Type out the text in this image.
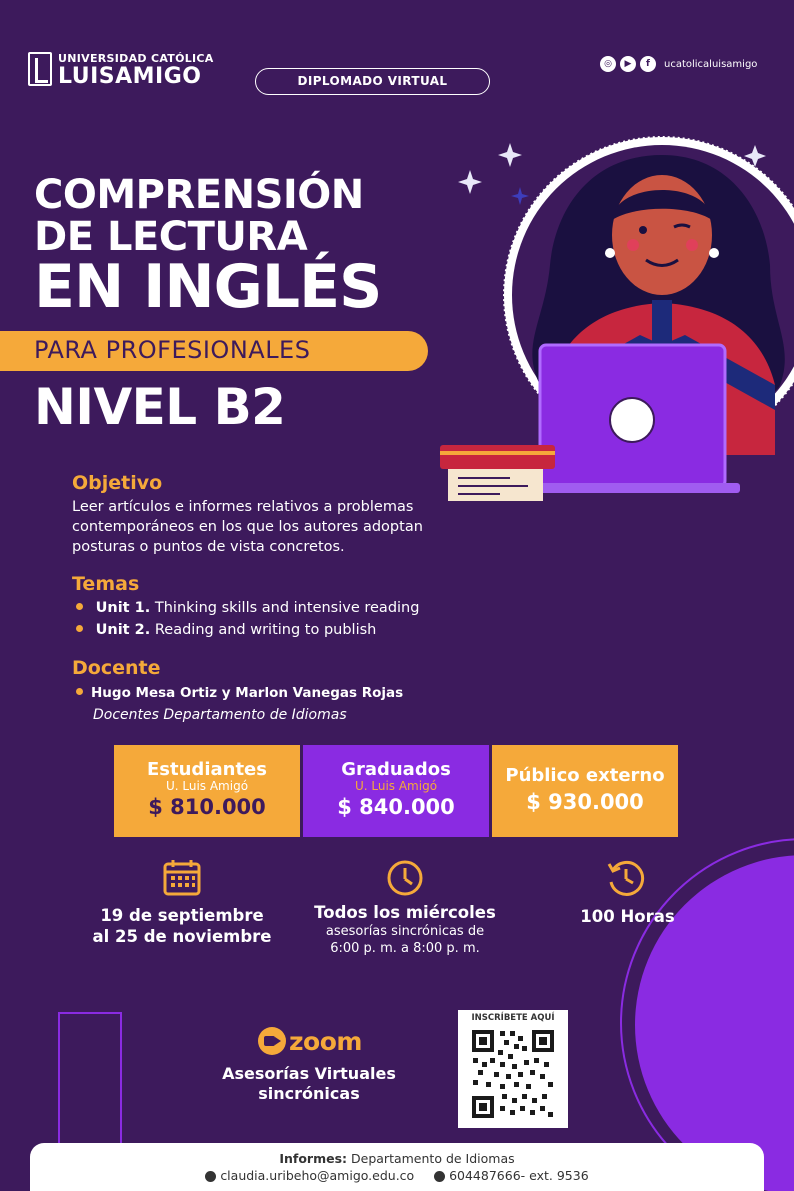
UNIVERSIDAD CATÓLICA
LUISAMIGO	DIPLOMADO VIRTUAL
◎	▶	f	ucatolicaluisamigo
COMPRENSIÓN
DE LECTURA
EN INGLÉS
PARA PROFESIONALES
NIVEL B2
Objetivo
Leer artículos e informes relativos a problemas contemporáneos en los que los autores adoptan posturas o puntos de vista concretos.
Temas
Unit 1. Thinking skills and intensive reading
Unit 2. Reading and writing to publish
Docente
Hugo Mesa Ortiz y Marlon Vanegas Rojas
Docentes Departamento de Idiomas
Estudiantes
U. Luis Amigó
$ 810.000
Graduados
U. Luis Amigó
$ 840.000
Público externo
$ 930.000
19 de septiembre
al 25 de noviembre
Todos los miércoles
asesorías sincrónicas de
6:00 p. m. a 8:00 p. m.
100 Horas
zoom
Asesorías Virtuales
sincrónicas
INSCRÍBETE AQUÍ
Informes: Departamento de Idiomas
claudia.uribeho@amigo.edu.co	604487666- ext. 9536
